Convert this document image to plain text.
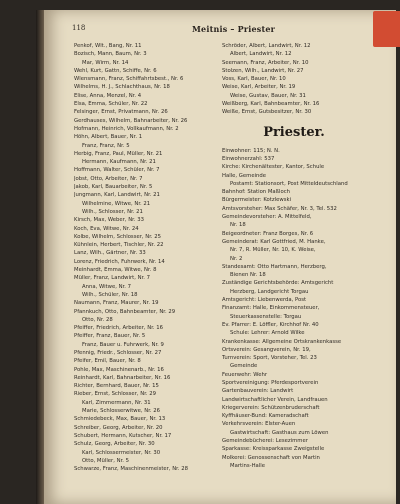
118	Meitnis – Priester
Penkof, Wlt., Bang, Nr. 11
Bozisch, Mann, Baum, Nr. 3
Mar, Wirm, Nr. 14
Wehl, Kurt, Gattn, Schiffe, Nr. 6
Wlensmann, Franz, Schiffahrtsbest., Nr. 6
Wilhelms, H. J., Schlachthaus, Nr. 18
Elise, Anna, Menzel, Nr. 4
Elsa, Emma, Schüler, Nr. 22
Felsinger, Ernst, Privatmann, Nr. 26
Gerdhauses, Wilhelm, Bahnarbeiter, Nr. 26
Hofmann, Heinrich, Vollkaufmann, Nr. 2
Höhn, Albert, Bauer, Nr. 1
Franz, Franz, Nr. 5
Herbig, Franz, Paul, Müller, Nr. 21
Hermann, Kaufmann, Nr. 21
Hoffmann, Walter, Schüler, Nr. 7
Jobst, Otto, Arbeiter, Nr. 7
Jakob, Karl, Bauarbeiter, Nr. 5
Jungmann, Karl, Landwirt, Nr. 21
Wilhelmine, Witwe, Nr. 21
Wilh., Schlosser, Nr. 21
Kirsch, Max, Weber, Nr. 33
Koch, Eva, Witwe, Nr. 24
Kolbe, Wilhelm, Schlosser, Nr. 25
Kühnlein, Herbert, Tischler, Nr. 22
Lanz, Wilh., Gärtner, Nr. 33
Lorenz, Friedrich, Fuhrwerk, Nr. 14
Meinhardt, Emma, Witwe, Nr. 8
Müller, Franz, Landwirt, Nr. 7
Anna, Witwe, Nr. 7
Wilh., Schüler, Nr. 18
Naumann, Franz, Maurer, Nr. 19
Pfannkuch, Otto, Bahnbeamter, Nr. 29
Otto, Nr. 28
Pfeiffer, Friedrich, Arbeiter, Nr. 16
Pfeiffer, Franz, Bauer, Nr. 5
Franz, Bauer u. Fuhrwerk, Nr. 9
Pfennig, Friedr., Schlosser, Nr. 27
Pfeifer, Emil, Bauer, Nr. 8
Pohle, Max, Maschinenarb., Nr. 16
Reinhardt, Karl, Bahnarbeiter, Nr. 16
Richter, Bernhard, Bauer, Nr. 15
Rieber, Ernst, Schlosser, Nr. 29
Karl, Zimmermann, Nr. 31
Marie, Schlosserwitwe, Nr. 26
Schmiedebeck, Max, Bauer, Nr. 13
Schreiber, Georg, Arbeiter, Nr. 20
Schubert, Hermann, Kutscher, Nr. 17
Schulz, Georg, Arbeiter, Nr. 30
Karl, Schlossermeister, Nr. 30
Otto, Müller, Nr. 5
Schwarze, Franz, Maschinenmeister, Nr. 28
Schröder, Albert, Landwirt, Nr. 12
Albert, Landwirt, Nr. 12
Seemann, Franz, Arbeiter, Nr. 10
Stolzen, Wilh., Landwirt, Nr. 27
Voss, Karl, Bauer, Nr. 10
Weise, Karl, Arbeiter, Nr. 19
Weise, Gustav, Bauer, Nr. 31
Weißberg, Karl, Bahnbeamter, Nr. 16
Weiße, Ernst, Gutsbesitzer, Nr. 30
Priester.
Einwohner: 115; N. N.
Einwohnerzahl: 537
Kirche: Kirchenältester, Kantor, Schule
Halle, Gemeinde
Postamt: Stationsort, Post Mitteldeutschland
Bahnhof: Station Maßloch
Bürgermeister: Kotzlewski
Amtsvorsteher: Max Schäfer, Nr. 3, Tel. 532
Gemeindevorsteher: A. Mittelfeld,
Nr. 18
Beigeordneter: Franz Borges, Nr. 6
Gemeinderat: Karl Gottfried, M. Hanke,
Nr. 7, R. Müller, Nr. 10, K. Weise,
Nr. 2
Standesamt: Otto Hartmann, Herzberg,
Bienen Nr. 18
Zuständige Gerichtsbehörde: Amtsgericht
Herzberg, Landgericht Torgau
Amtsgericht: Liebenwerda, Post
Finanzamt: Halle, Einkommensteuer,
Steuerkassenstelle: Torgau
Ev. Pfarrer: E. Löffler, Kirchhof Nr. 40
Schule: Lehrer: Arnold Wilke
Krankenkasse: Allgemeine Ortskrankenkasse
Ortsverein: Gesangverein, Nr. 19,
Turnverein: Sport, Vorsteher, Tel. 23
Gemeinde
Feuerwehr: Wehr
Sportvereinigung: Pferdesportverein
Gartenbauverein: Landwirt
Landwirtschaftlicher Verein, Landfrauen
Kriegerverein: Schützenbruderschaft
Kyffhäuser-Bund: Kameradschaft
Verkehrsverein: Elster-Auen
Gastwirtschaft: Gasthaus zum Löwen
Gemeindebücherei: Lesezimmer
Sparkasse: Kreissparkasse Zweigstelle
Molkerei: Genossenschaft von Martin
Martins-Halle
